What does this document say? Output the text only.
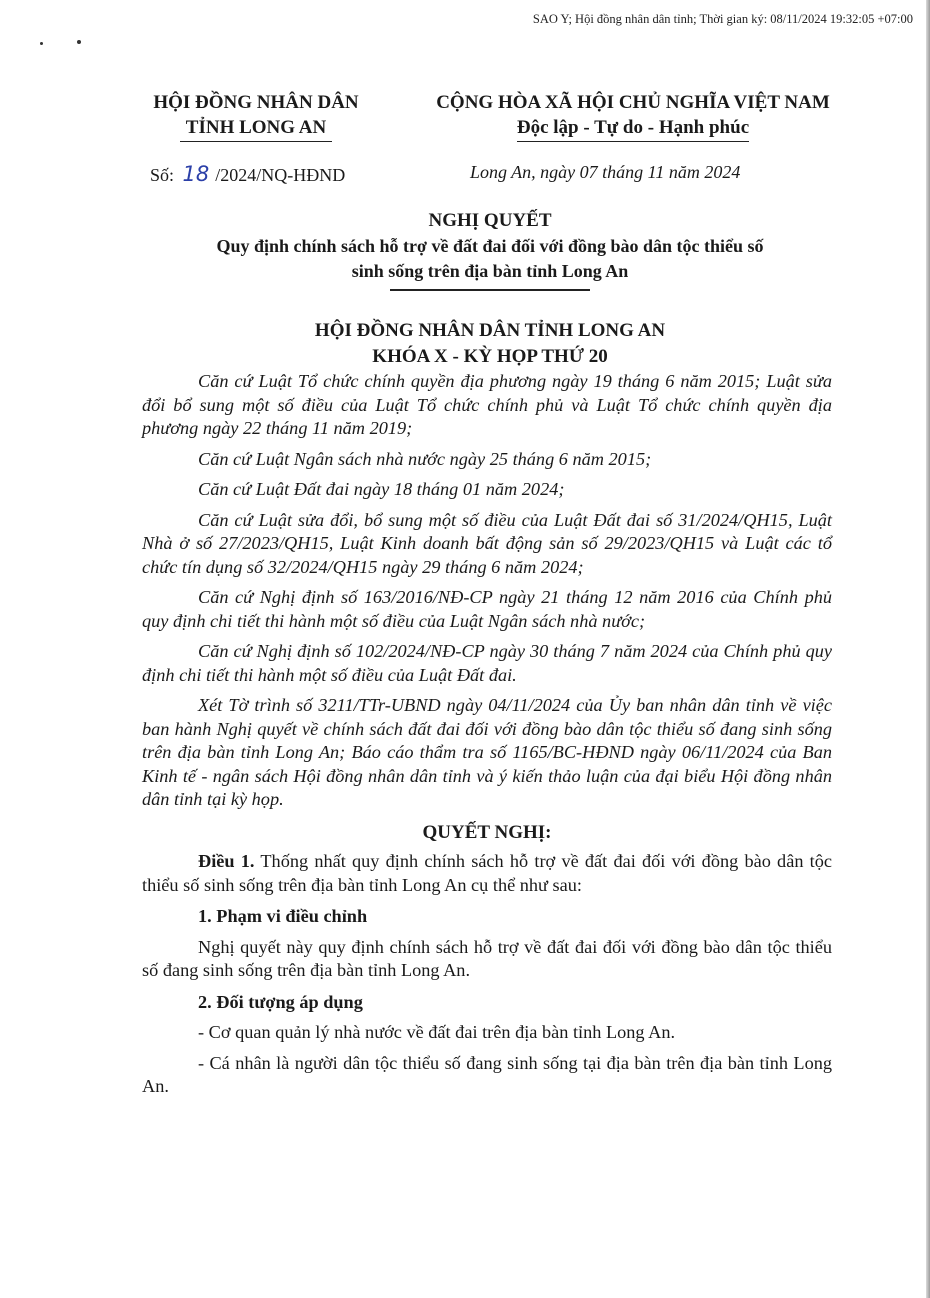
SAO Y; Hội đồng nhân dân tỉnh; Thời gian ký: 08/11/2024 19:32:05 +07:00
HỘI ĐỒNG NHÂN DÂN
TỈNH LONG AN
CỘNG HÒA XÃ HỘI CHỦ NGHĨA VIỆT NAM
Độc lập - Tự do - Hạnh phúc
Số: 18 /2024/NQ-HĐND	Long An, ngày 07 tháng 11 năm 2024
NGHỊ QUYẾT
Quy định chính sách hỗ trợ về đất đai đối với đồng bào dân tộc thiểu số
sinh sống trên địa bàn tỉnh Long An
HỘI ĐỒNG NHÂN DÂN TỈNH LONG AN
KHÓA X - KỲ HỌP THỨ 20

Căn cứ Luật Tổ chức chính quyền địa phương ngày 19 tháng 6 năm 2015; Luật sửa đổi bổ sung một số điều của Luật Tổ chức chính phủ và Luật Tổ chức chính quyền địa phương ngày 22 tháng 11 năm 2019;

Căn cứ Luật Ngân sách nhà nước ngày 25 tháng 6 năm 2015;

Căn cứ Luật Đất đai ngày 18 tháng 01 năm 2024;

Căn cứ Luật sửa đổi, bổ sung một số điều của Luật Đất đai số 31/2024/QH15, Luật Nhà ở số 27/2023/QH15, Luật Kinh doanh bất động sản số 29/2023/QH15 và Luật các tổ chức tín dụng số 32/2024/QH15 ngày 29 tháng 6 năm 2024;

Căn cứ Nghị định số 163/2016/NĐ-CP ngày 21 tháng 12 năm 2016 của Chính phủ quy định chi tiết thi hành một số điều của Luật Ngân sách nhà nước;

Căn cứ Nghị định số 102/2024/NĐ-CP ngày 30 tháng 7 năm 2024 của Chính phủ quy định chi tiết thi hành một số điều của Luật Đất đai.

Xét Tờ trình số 3211/TTr-UBND ngày 04/11/2024 của Ủy ban nhân dân tỉnh về việc ban hành Nghị quyết về chính sách đất đai đối với đồng bào dân tộc thiểu số đang sinh sống trên địa bàn tỉnh Long An; Báo cáo thẩm tra số 1165/BC-HĐND ngày 06/11/2024 của Ban Kinh tế - ngân sách Hội đồng nhân dân tỉnh và ý kiến thảo luận của đại biểu Hội đồng nhân dân tỉnh tại kỳ họp.

QUYẾT NGHỊ:

Điều 1. Thống nhất quy định chính sách hỗ trợ về đất đai đối với đồng bào dân tộc thiểu số sinh sống trên địa bàn tỉnh Long An cụ thể như sau:

1. Phạm vi điều chỉnh

Nghị quyết này quy định chính sách hỗ trợ về đất đai đối với đồng bào dân tộc thiểu số đang sinh sống trên địa bàn tỉnh Long An.

2. Đối tượng áp dụng

- Cơ quan quản lý nhà nước về đất đai trên địa bàn tỉnh Long An.

- Cá nhân là người dân tộc thiểu số đang sinh sống tại địa bàn trên địa bàn tỉnh Long An.
